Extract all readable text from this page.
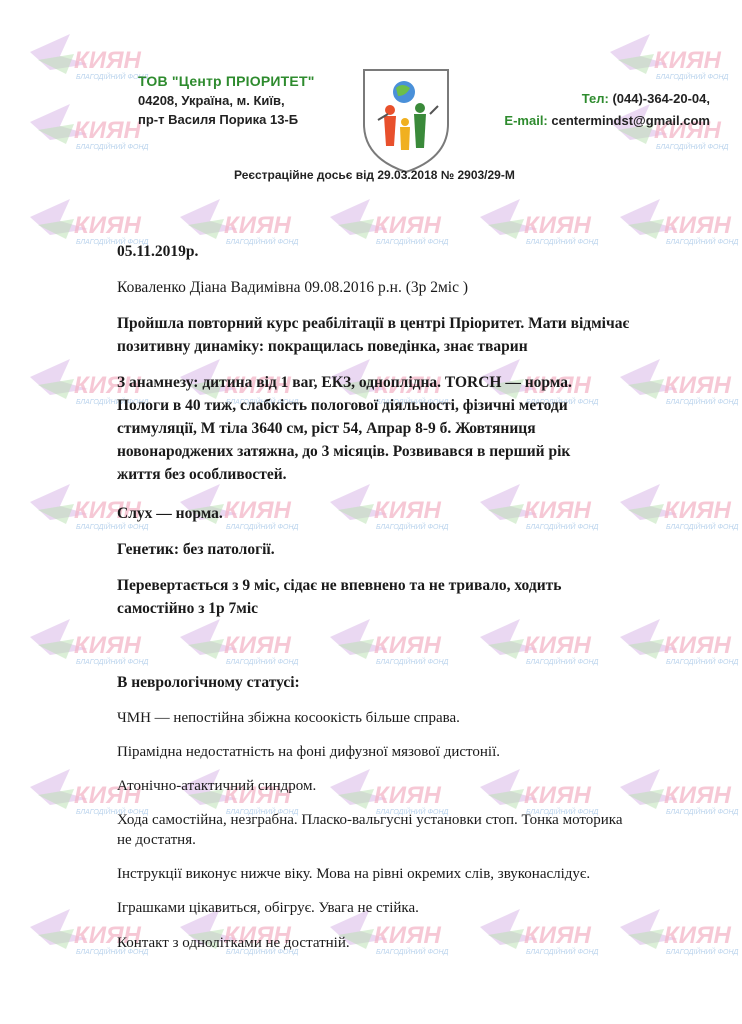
КИЯН
ТОВ "Центр ПРІОРИТЕТ"
04208, Україна, м. Київ,
пр-т Василя Порика 13-Б
Тел: (044)-364-20-04,
E-mail: centermindst@gmail.com
Реєстраційне досьє від 29.03.2018 № 2903/29-М

05.11.2019р.

Коваленко Діана Вадимівна 09.08.2016 р.н. (3р 2міс )

Пройшла повторний курс реабілітації в центрі Пріоритет. Мати відмічає

позитивну динаміку: покращилась поведінка, знає тварин

З анамнезу: дитина від 1 ваг, ЕКЗ, одноплідна. TORCH — норма.

Пологи в 40 тиж, слабкість пологової діяльності, фізичні методи

стимуляції, М тіла 3640 см, ріст 54, Апрар 8-9 б. Жовтяниця

новонароджених затяжна, до 3 місяців. Розвивався в перший рік

життя без особливостей.

Слух — норма.

Генетик: без патології.

Перевертається з 9 міс, сідає не впевнено та не тривало, ходить

самостійно з 1р 7міс

В неврологічному статусі:

ЧМН — непостійна збіжна косоокість більше справа.

Пірамідна недостатність на фоні дифузної мязової дистонії.

Атонічно-атактичний синдром.

Хода самостійна, незграбна. Пласко-вальгусні установки стоп. Тонка моторика

не достатня.

Інструкції виконує нижче віку. Мова на рівні окремих слів, звуконаслідує.

Іграшками цікавиться, обігрує. Увага не стійка.

Контакт з однолітками не достатній.
